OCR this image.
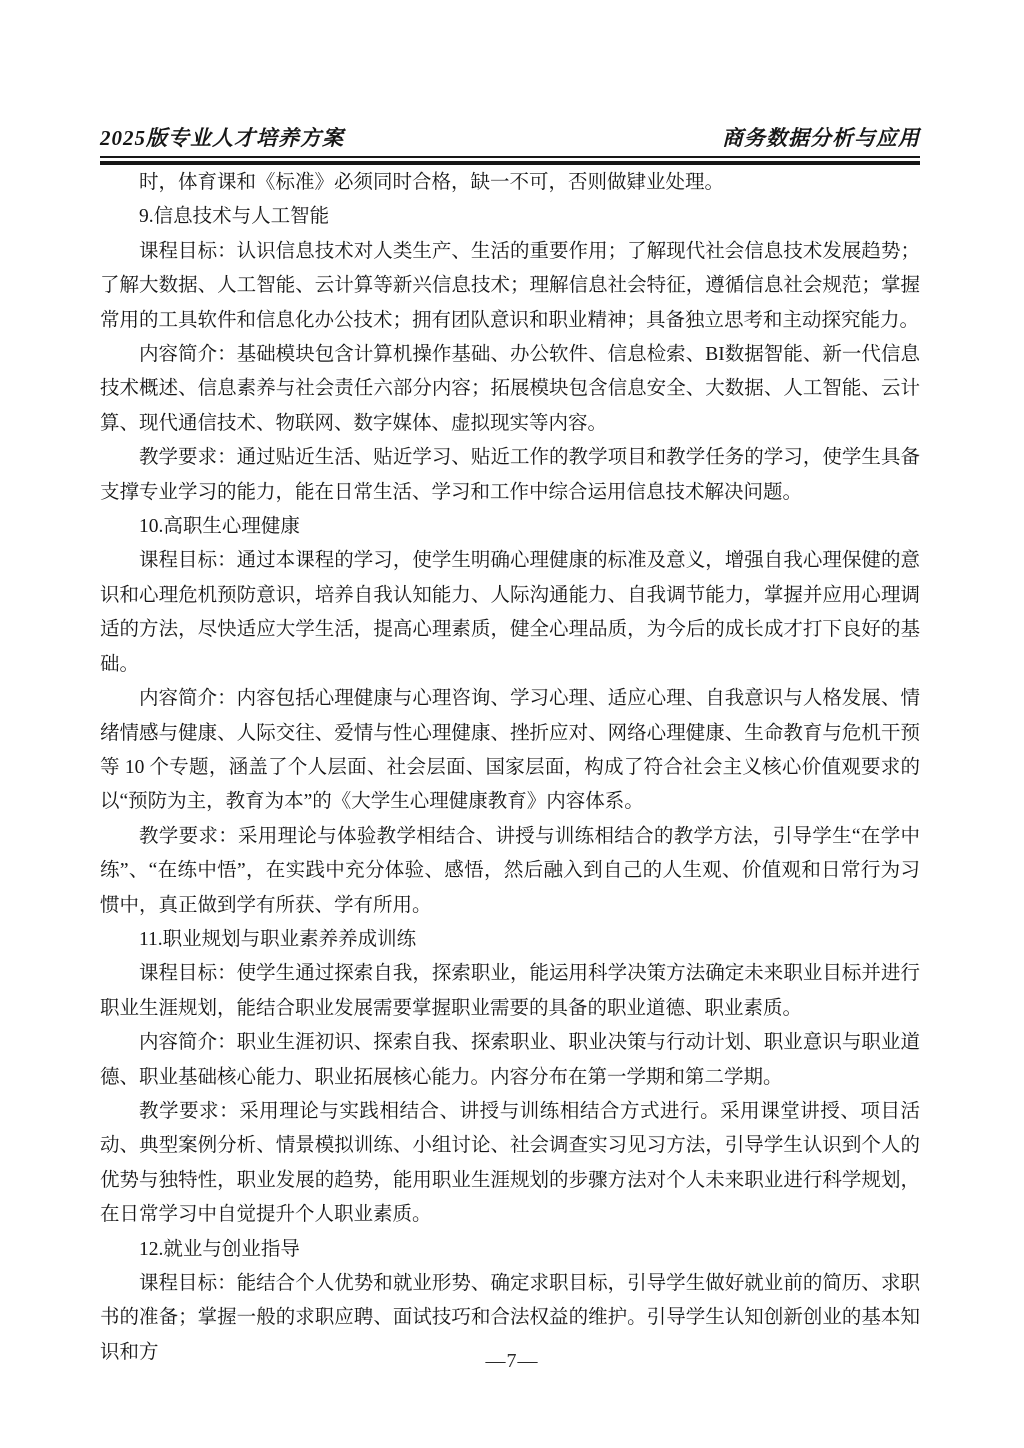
2025版专业人才培养方案	商务数据分析与应用

时，体育课和《标准》必须同时合格，缺一不可，否则做肄业处理。

9.信息技术与人工智能

课程目标：认识信息技术对人类生产、生活的重要作用；了解现代社会信息技术发展趋势；了解大数据、人工智能、云计算等新兴信息技术；理解信息社会特征，遵循信息社会规范；掌握常用的工具软件和信息化办公技术；拥有团队意识和职业精神；具备独立思考和主动探究能力。

内容简介：基础模块包含计算机操作基础、办公软件、信息检索、BI数据智能、新一代信息技术概述、信息素养与社会责任六部分内容；拓展模块包含信息安全、大数据、人工智能、云计算、现代通信技术、物联网、数字媒体、虚拟现实等内容。

教学要求：通过贴近生活、贴近学习、贴近工作的教学项目和教学任务的学习，使学生具备支撑专业学习的能力，能在日常生活、学习和工作中综合运用信息技术解决问题。

10.高职生心理健康

课程目标：通过本课程的学习，使学生明确心理健康的标准及意义，增强自我心理保健的意识和心理危机预防意识，培养自我认知能力、人际沟通能力、自我调节能力，掌握并应用心理调适的方法，尽快适应大学生活，提高心理素质，健全心理品质，为今后的成长成才打下良好的基础。

内容简介：内容包括心理健康与心理咨询、学习心理、适应心理、自我意识与人格发展、情绪情感与健康、人际交往、爱情与性心理健康、挫折应对、网络心理健康、生命教育与危机干预等 10 个专题，涵盖了个人层面、社会层面、国家层面，构成了符合社会主义核心价值观要求的以“预防为主，教育为本”的《大学生心理健康教育》内容体系。

教学要求：采用理论与体验教学相结合、讲授与训练相结合的教学方法，引导学生“在学中练”、“在练中悟”，在实践中充分体验、感悟，然后融入到自己的人生观、价值观和日常行为习惯中，真正做到学有所获、学有所用。

11.职业规划与职业素养养成训练

课程目标：使学生通过探索自我，探索职业，能运用科学决策方法确定未来职业目标并进行职业生涯规划，能结合职业发展需要掌握职业需要的具备的职业道德、职业素质。

内容简介：职业生涯初识、探索自我、探索职业、职业决策与行动计划、职业意识与职业道德、职业基础核心能力、职业拓展核心能力。内容分布在第一学期和第二学期。

教学要求：采用理论与实践相结合、讲授与训练相结合方式进行。采用课堂讲授、项目活动、典型案例分析、情景模拟训练、小组讨论、社会调查实习见习方法，引导学生认识到个人的优势与独特性，职业发展的趋势，能用职业生涯规划的步骤方法对个人未来职业进行科学规划，在日常学习中自觉提升个人职业素质。

12.就业与创业指导

课程目标：能结合个人优势和就业形势、确定求职目标，引导学生做好就业前的简历、求职书的准备；掌握一般的求职应聘、面试技巧和合法权益的维护。引导学生认知创新创业的基本知识和方	—7—
